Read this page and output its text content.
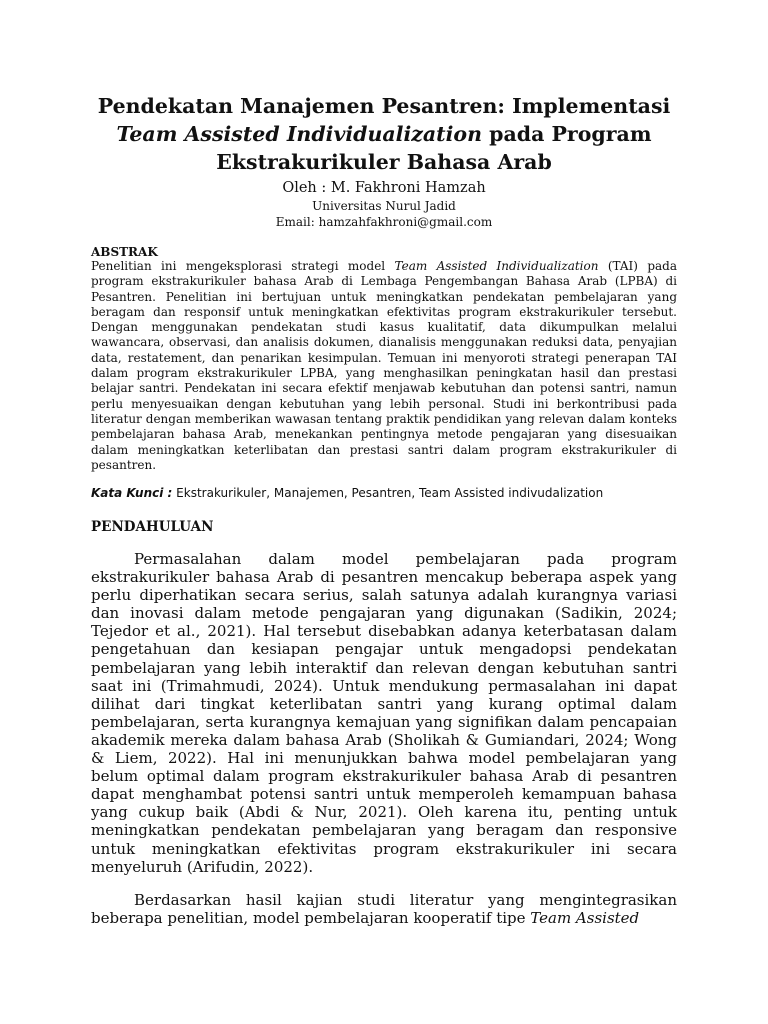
Pendekatan Manajemen Pesantren: Implementasi
Team Assisted Individualization pada Program Ekstrakurikuler Bahasa Arab
Oleh : M. Fakhroni Hamzah
Universitas Nurul Jadid
Email: hamzahfakhroni@gmail.com
ABSTRAK

Penelitian ini mengeksplorasi strategi model Team Assisted Individualization (TAI) pada program ekstrakurikuler bahasa Arab di Lembaga Pengembangan Bahasa Arab (LPBA) di Pesantren. Penelitian ini bertujuan untuk meningkatkan pendekatan pembelajaran yang beragam dan responsif untuk meningkatkan efektivitas program ekstrakurikuler tersebut. Dengan menggunakan pendekatan studi kasus kualitatif, data dikumpulkan melalui wawancara, observasi, dan analisis dokumen, dianalisis menggunakan reduksi data, penyajian data, restatement, dan penarikan kesimpulan. Temuan ini menyoroti strategi penerapan TAI dalam program ekstrakurikuler LPBA, yang menghasilkan peningkatan hasil dan prestasi belajar santri. Pendekatan ini secara efektif menjawab kebutuhan dan potensi santri, namun perlu menyesuaikan dengan kebutuhan yang lebih personal. Studi ini berkontribusi pada literatur dengan memberikan wawasan tentang praktik pendidikan yang relevan dalam konteks pembelajaran bahasa Arab, menekankan pentingnya metode pengajaran yang disesuaikan dalam meningkatkan keterlibatan dan prestasi santri dalam program ekstrakurikuler di pesantren.

Kata Kunci : Ekstrakurikuler, Manajemen, Pesantren, Team Assisted indivudalization
PENDAHULUAN

Permasalahan dalam model pembelajaran pada program ekstrakurikuler bahasa Arab di pesantren mencakup beberapa aspek yang perlu diperhatikan secara serius, salah satunya adalah kurangnya variasi dan inovasi dalam metode pengajaran yang digunakan (Sadikin, 2024; Tejedor et al., 2021). Hal tersebut disebabkan adanya keterbatasan dalam pengetahuan dan kesiapan pengajar untuk mengadopsi pendekatan pembelajaran yang lebih interaktif dan relevan dengan kebutuhan santri saat ini (Trimahmudi, 2024). Untuk mendukung permasalahan ini dapat dilihat dari tingkat keterlibatan santri yang kurang optimal dalam pembelajaran, serta kurangnya kemajuan yang signifikan dalam pencapaian akademik mereka dalam bahasa Arab (Sholikah & Gumiandari, 2024; Wong & Liem, 2022). Hal ini menunjukkan bahwa model pembelajaran yang belum optimal dalam program ekstrakurikuler bahasa Arab di pesantren dapat menghambat potensi santri untuk memperoleh kemampuan bahasa yang cukup baik (Abdi & Nur, 2021). Oleh karena itu, penting untuk meningkatkan pendekatan pembelajaran yang beragam dan responsive untuk meningkatkan efektivitas program ekstrakurikuler ini secara menyeluruh (Arifudin, 2022).

Berdasarkan hasil kajian studi literatur yang mengintegrasikan beberapa penelitian, model pembelajaran kooperatif tipe Team Assisted
